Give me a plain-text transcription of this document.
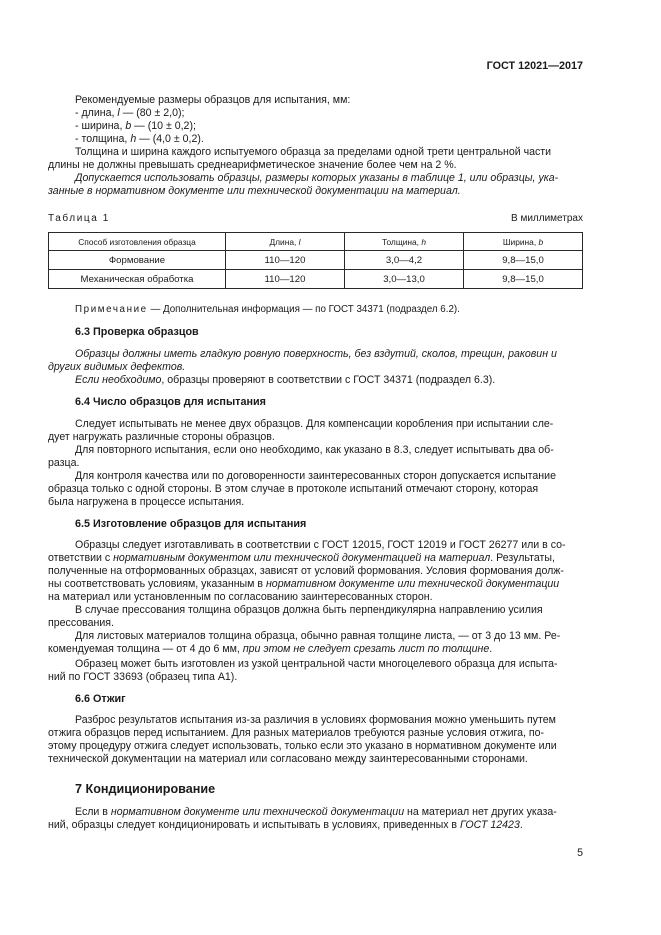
ГОСТ 12021—2017
Рекомендуемые размеры образцов для испытания, мм:
- длина, l — (80 ± 2,0);
- ширина, b — (10 ± 0,2);
- толщина, h — (4,0 ± 0,2).
Толщина и ширина каждого испытуемого образца за пределами одной трети центральной части
длины не должны превышать среднеарифметическое значение более чем на 2 %.
Допускается использовать образцы, размеры которых указаны в таблице 1, или образцы, ука-
занные в нормативном документе или технической документации на материал.
Таблица 1	В миллиметрах
Способ изготовления образца	Длина, l	Толщина, h	Ширина, b
Формование	110—120	3,0—4,2	9,8—15,0
Механическая обработка	110—120	3,0—13,0	9,8—15,0
Примечание — Дополнительная информация — по ГОСТ 34371 (подраздел 6.2).
6.3 Проверка образцов
Образцы должны иметь гладкую ровную поверхность, без вздутий, сколов, трещин, раковин и
других видимых дефектов.
Если необходимо, образцы проверяют в соответствии с ГОСТ 34371 (подраздел 6.3).
6.4 Число образцов для испытания
Следует испытывать не менее двух образцов. Для компенсации коробления при испытании сле-
дует нагружать различные стороны образцов.
Для повторного испытания, если оно необходимо, как указано в 8.3, следует испытывать два об-
разца.
Для контроля качества или по договоренности заинтересованных сторон допускается испытание
образца только с одной стороны. В этом случае в протоколе испытаний отмечают сторону, которая
была нагружена в процессе испытания.
6.5 Изготовление образцов для испытания
Образцы следует изготавливать в соответствии с ГОСТ 12015, ГОСТ 12019 и ГОСТ 26277 или в со-
ответствии с нормативным документом или технической документацией на материал. Результаты,
полученные на отформованных образцах, зависят от условий формования. Условия формования долж-
ны соответствовать условиям, указанным в нормативном документе или технической документации
на материал или установленным по согласованию заинтересованных сторон.
В случае прессования толщина образцов должна быть перпендикулярна направлению усилия
прессования.
Для листовых материалов толщина образца, обычно равная толщине листа, — от 3 до 13 мм. Ре-
комендуемая толщина — от 4 до 6 мм, при этом не следует срезать лист по толщине.
Образец может быть изготовлен из узкой центральной части многоцелевого образца для испыта-
ний по ГОСТ 33693 (образец типа А1).
6.6 Отжиг
Разброс результатов испытания из-за различия в условиях формования можно уменьшить путем
отжига образцов перед испытанием. Для разных материалов требуются разные условия отжига, по-
этому процедуру отжига следует использовать, только если это указано в нормативном документе или
технической документации на материал или согласовано между заинтересованными сторонами.
7 Кондиционирование
Если в нормативном документе или технической документации на материал нет других указа-
ний, образцы следует кондиционировать и испытывать в условиях, приведенных в ГОСТ 12423.
5
